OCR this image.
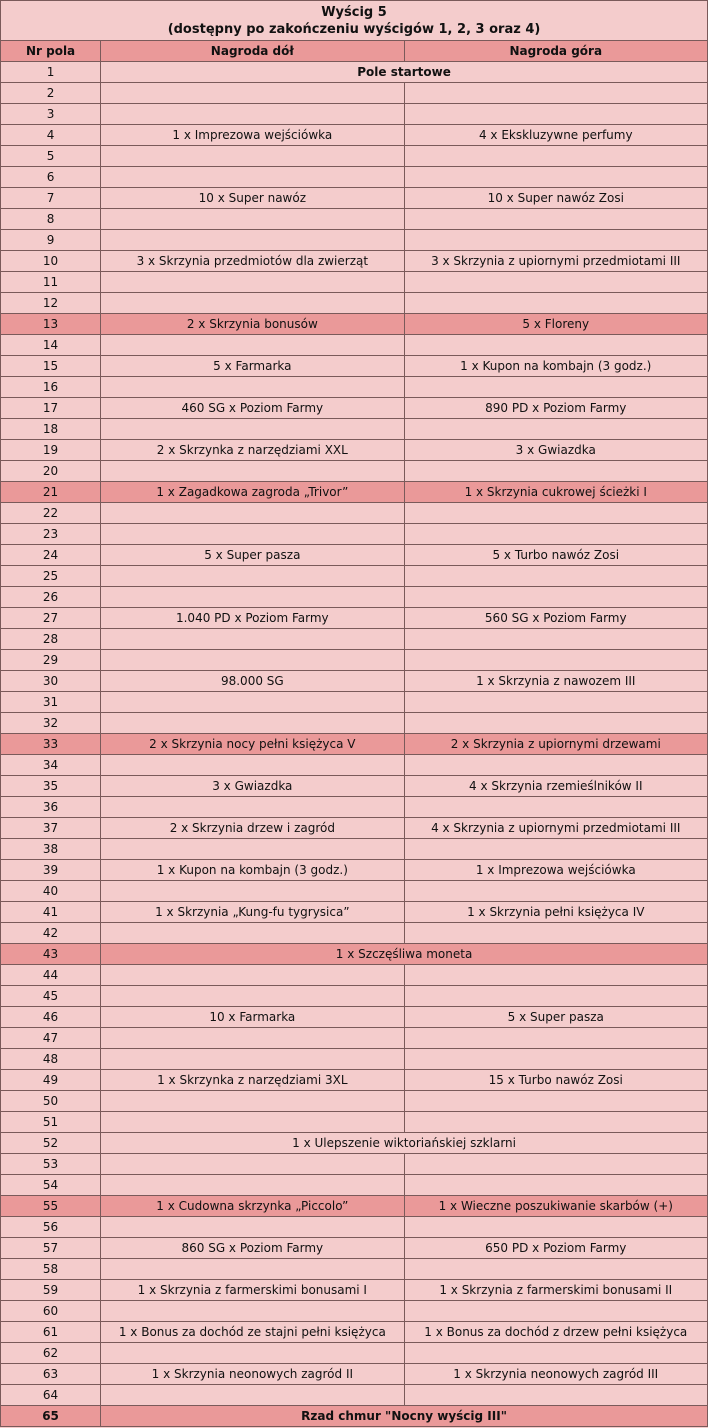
Wyścig 5
(dostępny po zakończeniu wyścigów 1, 2, 3 oraz 4)		

Nr pola	Nagroda dół	Nagroda góra
1	Pole startowe	
2		
3		
4	1 x Imprezowa wejściówka	4 x Ekskluzywne perfumy
5		
6		
7	10 x Super nawóz	10 x Super nawóz Zosi
8		
9		
10	3 x Skrzynia przedmiotów dla zwierząt	3 x Skrzynia z upiornymi przedmiotami III
11		
12		
13	2 x Skrzynia bonusów	5 x Floreny
14		
15	5 x Farmarka	1 x Kupon na kombajn (3 godz.)
16		
17	460 SG x Poziom Farmy	890 PD x Poziom Farmy
18		
19	2 x Skrzynka z narzędziami XXL	3 x Gwiazdka
20		
21	1 x Zagadkowa zagroda „Trivor”	1 x Skrzynia cukrowej ścieżki I
22		
23		
24	5 x Super pasza	5 x Turbo nawóz Zosi
25		
26		
27	1.040 PD x Poziom Farmy	560 SG x Poziom Farmy
28		
29		
30	98.000 SG	1 x Skrzynia z nawozem III
31		
32		
33	2 x Skrzynia nocy pełni księżyca V	2 x Skrzynia z upiornymi drzewami
34		
35	3 x Gwiazdka	4 x Skrzynia rzemieślników II
36		
37	2 x Skrzynia drzew i zagród	4 x Skrzynia z upiornymi przedmiotami III
38		
39	1 x Kupon na kombajn (3 godz.)	1 x Imprezowa wejściówka
40		
41	1 x Skrzynia „Kung-fu tygrysica”	1 x Skrzynia pełni księżyca IV
42		
43	1 x Szczęśliwa moneta	
44		
45		
46	10 x Farmarka	5 x Super pasza
47		
48		
49	1 x Skrzynka z narzędziami 3XL	15 x Turbo nawóz Zosi
50		
51		
52	1 x Ulepszenie wiktoriańskiej szklarni	
53		
54		
55	1 x Cudowna skrzynka „Piccolo”	1 x Wieczne poszukiwanie skarbów (+)
56		
57	860 SG x Poziom Farmy	650 PD x Poziom Farmy
58		
59	1 x Skrzynia z farmerskimi bonusami I	1 x Skrzynia z farmerskimi bonusami II
60		
61	1 x Bonus za dochód ze stajni pełni księżyca	1 x Bonus za dochód z drzew pełni księżyca
62		
63	1 x Skrzynia neonowych zagród II	1 x Skrzynia neonowych zagród III
64		
65	Rzad chmur "Nocny wyścig III"	
